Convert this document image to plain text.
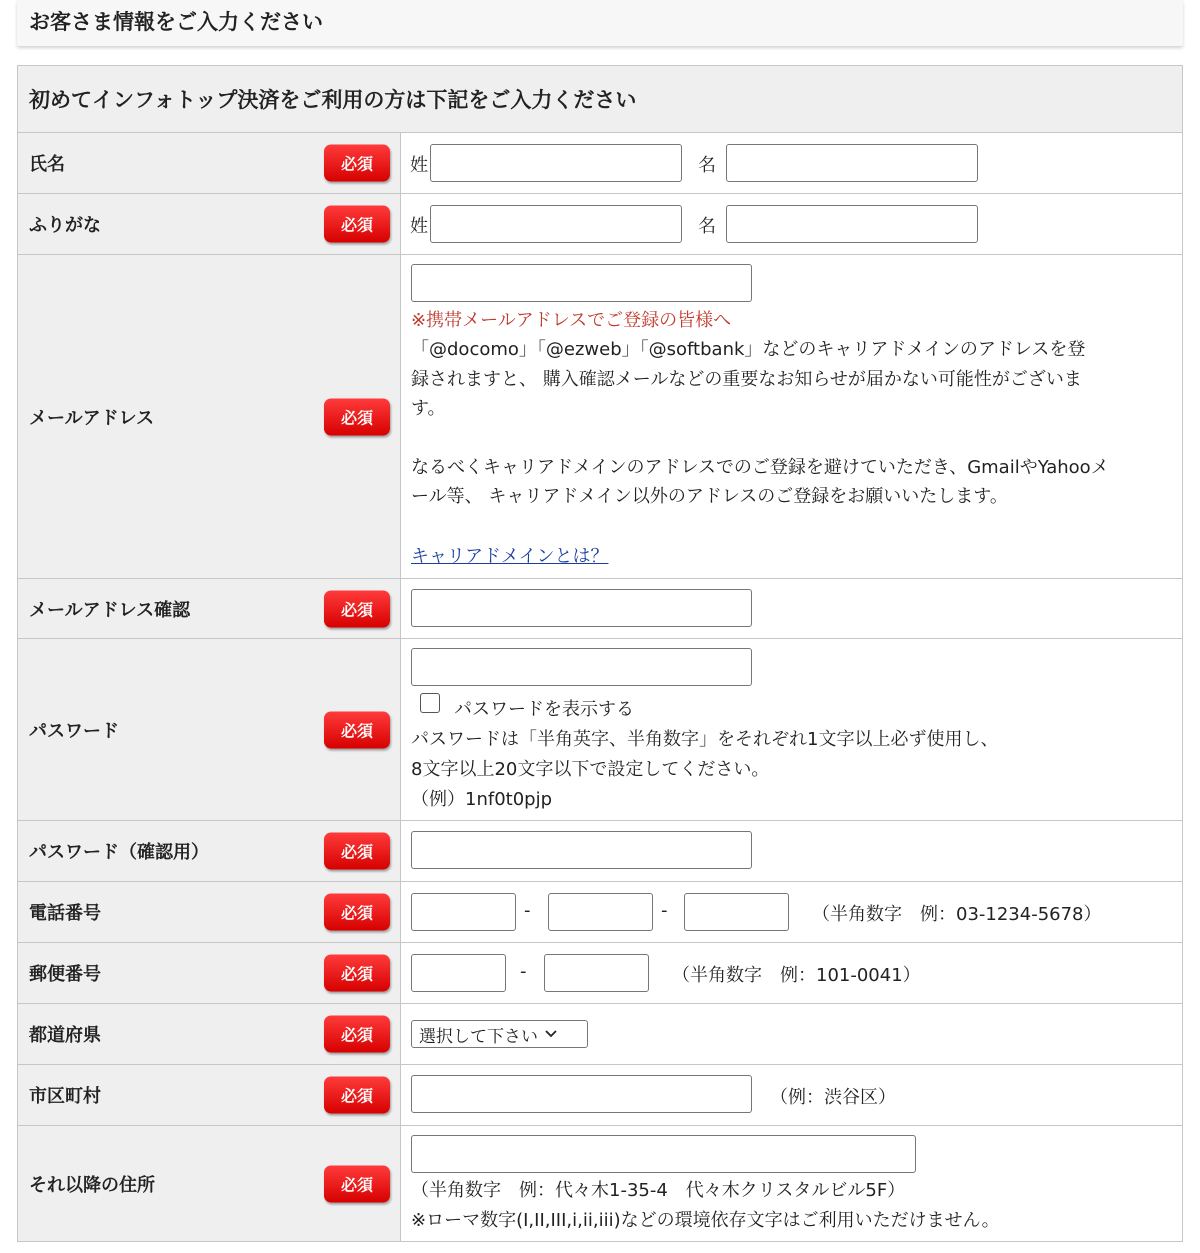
お客さま情報をご入力ください
初めてインフォトップ決済をご利用の方は下記をご入力ください
氏名	必須	姓	名
ふりがな	必須	姓	名
メールアドレス	必須
※携帯メールアドレスでご登録の皆様へ
「@docomo」「@ezweb」「@softbank」などのキャリアドメインのアドレスを登
録されますと、 購入確認メールなどの重要なお知らせが届かない可能性がございま
す。
なるべくキャリアドメインのアドレスでのご登録を避けていただき、GmailやYahooメ
ール等、 キャリアドメイン以外のアドレスのご登録をお願いいたします。
キャリアドメインとは？
メールアドレス確認	必須
パスワード	必須
パスワードを表示する
パスワードは「半角英字、半角数字」をそれぞれ1文字以上必ず使用し、
8文字以上20文字以下で設定してください。
（例）1nf0t0pjp
パスワード（確認用）	必須
電話番号	必須	-	-	（半角数字　例：03-1234-5678）
郵便番号	必須	-	（半角数字　例：101-0041）
都道府県	必須	選択して下さい
市区町村	必須	（例：渋谷区）
それ以降の住所	必須	（半角数字　例：代々木1-35-4　代々木クリスタルビル5F）
※ローマ数字(I,II,III,i,ii,iii)などの環境依存文字はご利用いただけません。
